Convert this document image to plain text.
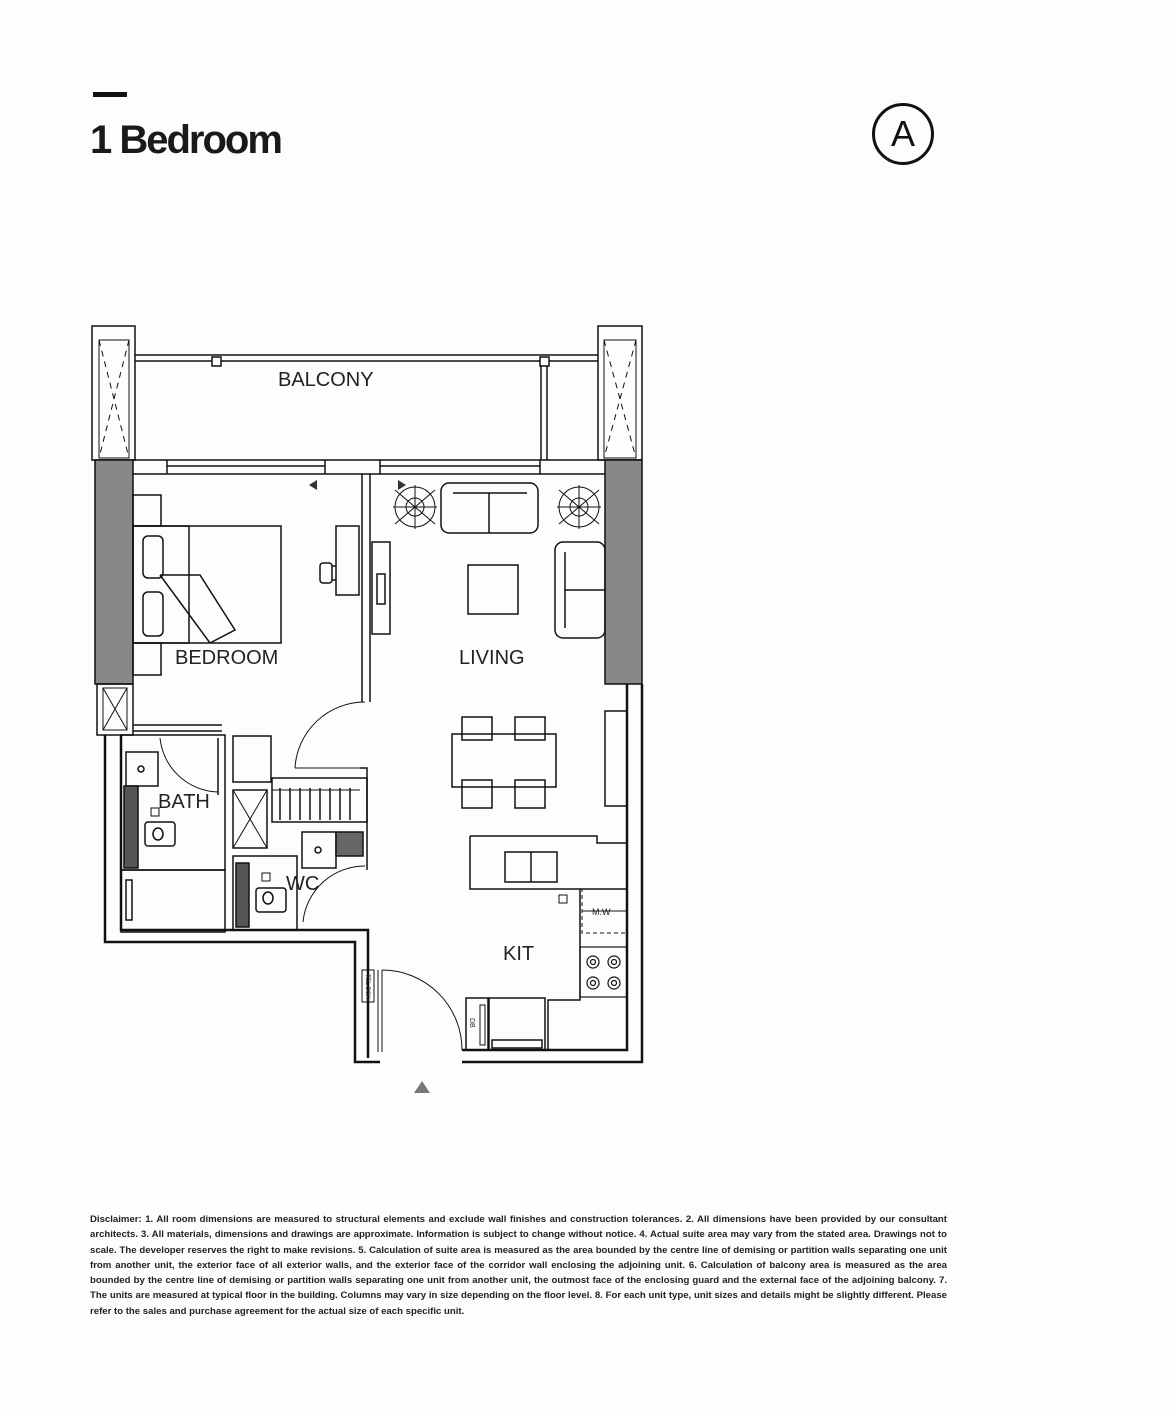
1 Bedroom	A
BALCONY
BEDROOM	LIVING
BATH
WC
KIT
M.W
TEL BOX
DB
Disclaimer: 1. All room dimensions are measured to structural elements and exclude wall finishes and construction tolerances. 2. All dimensions have been provided by our consultant architects. 3. All materials, dimensions and drawings are approximate. Information is subject to change without notice. 4. Actual suite area may vary from the stated area. Drawings not to scale. The developer reserves the right to make revisions. 5. Calculation of suite area is measured as the area bounded by the centre line of demising or partition walls separating one unit from another unit, the exterior face of all exterior walls, and the exterior face of the corridor wall enclosing the adjoining unit. 6. Calculation of balcony area is measured as the area bounded by the centre line of demising or partition walls separating one unit from another unit, the outmost face of the enclosing guard and the external face of the adjoining balcony. 7. The units are measured at typical floor in the building. Columns may vary in size depending on the floor level. 8. For each unit type, unit sizes and details might be slightly different. Please refer to the sales and purchase agreement for the actual size of each specific unit.
